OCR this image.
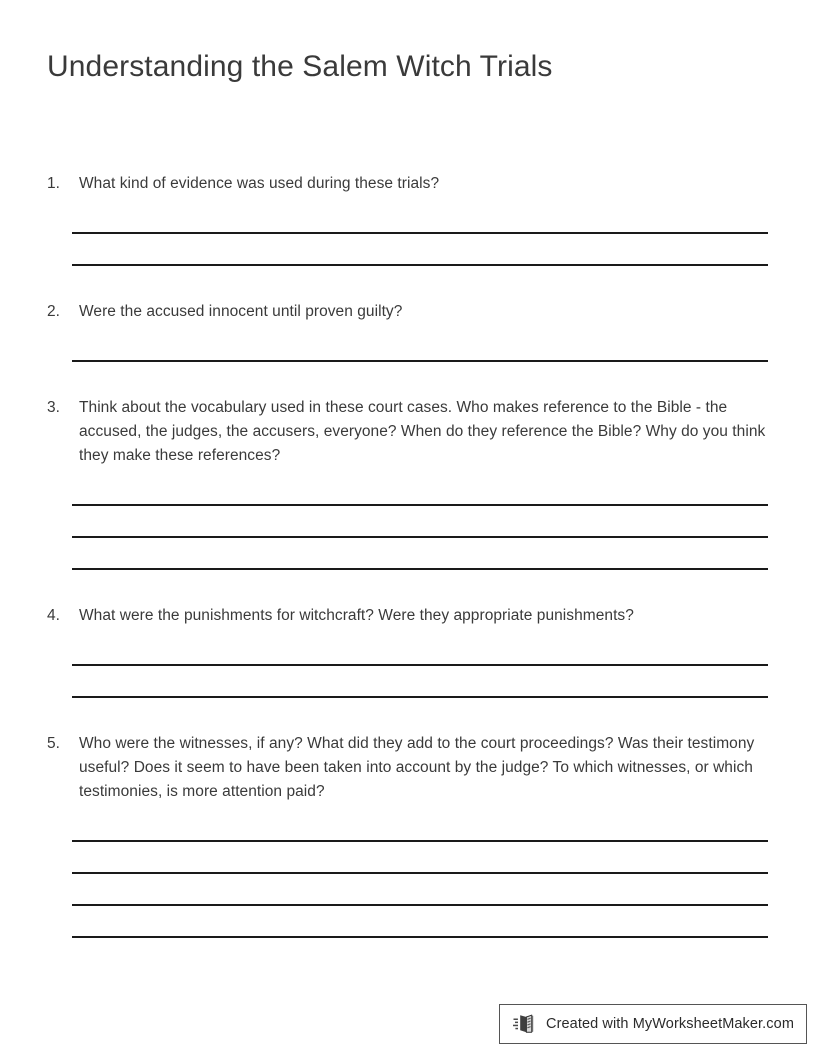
Understanding the Salem Witch Trials
1.	What kind of evidence was used during these trials?
2.	Were the accused innocent until proven guilty?
3.	Think about the vocabulary used in these court cases. Who makes reference to the Bible - the accused, the judges, the accusers, everyone? When do they reference the Bible? Why do you think they make these references?
4.	What were the punishments for witchcraft? Were they appropriate punishments?
5.	Who were the witnesses, if any? What did they add to the court proceedings? Was their testimony useful? Does it seem to have been taken into account by the judge? To which witnesses, or which testimonies, is more attention paid?
Created with MyWorksheetMaker.com
